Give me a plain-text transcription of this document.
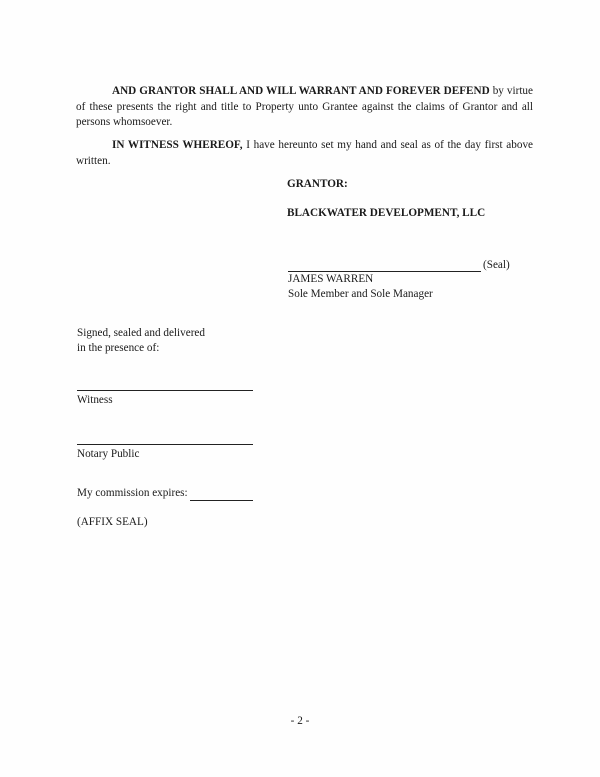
AND GRANTOR SHALL AND WILL WARRANT AND FOREVER DEFEND by virtue of these presents the right and title to Property unto Grantee against the claims of Grantor and all persons whomsoever.
IN WITNESS WHEREOF, I have hereunto set my hand and seal as of the day first above written.
GRANTOR:
BLACKWATER DEVELOPMENT, LLC
(Seal)
JAMES WARREN
Sole Member and Sole Manager
Signed, sealed and delivered
in the presence of:
Witness
Notary Public
My commission expires:
(AFFIX SEAL)
- 2 -
